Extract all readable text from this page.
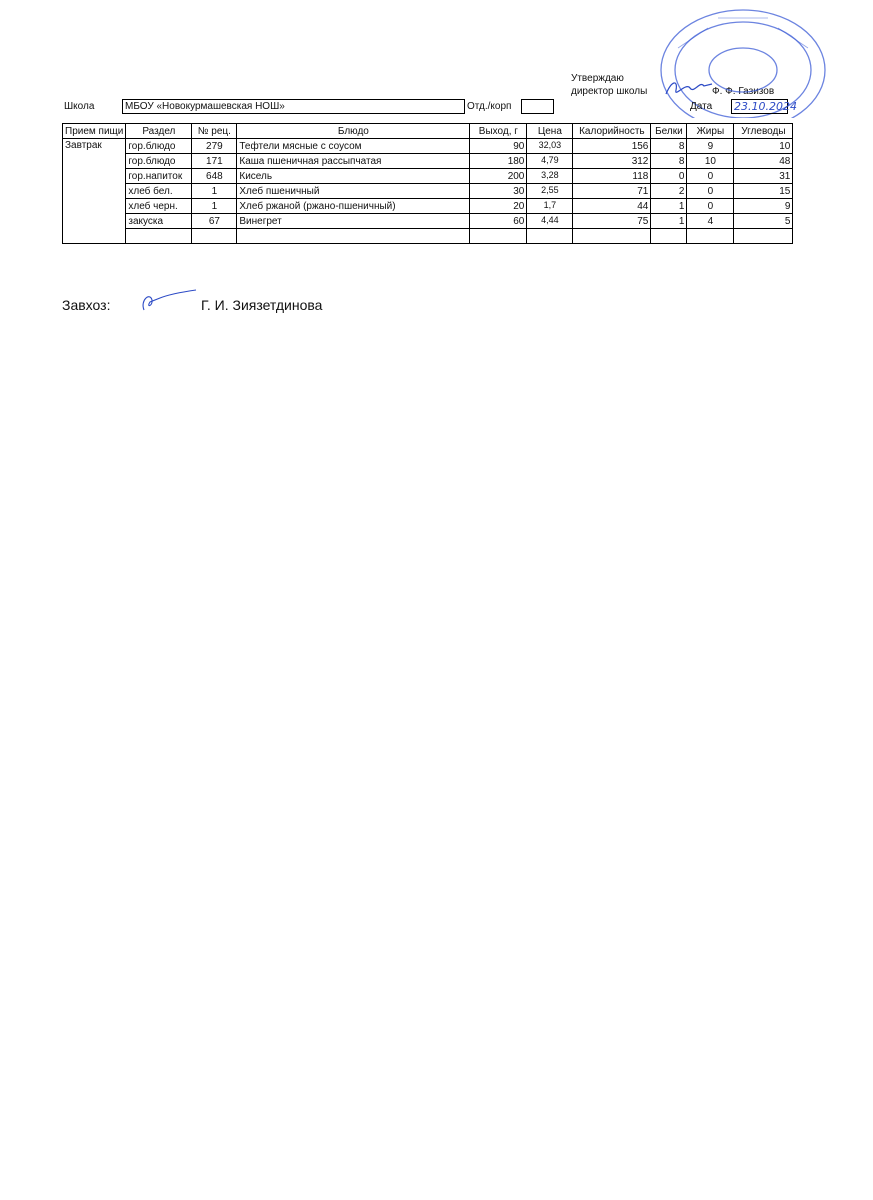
Утверждаю
директор школы	Ф. Ф. Газизов
Школа	МБОУ «Новокурмашевская НОШ»	Отд./корп	Дата 23.10.2024
Прием пищи	Раздел	№ рец.	Блюдо	Выход, г	Цена	Калорийность	Белки	Жиры	Углеводы
Завтрак	гор.блюдо	279	Тефтели мясные с соусом	90	32,03	156	8	9	10
	гор.блюдо	171	Каша пшеничная рассыпчатая	180	4,79	312	8	10	48
	гор.напиток	648	Кисель	200	3,28	118	0	0	31
	хлеб бел.	1	Хлеб пшеничный	30	2,55	71	2	0	15
	хлеб черн.	1	Хлеб ржаной (ржано-пшеничный)	20	1,7	44	1	0	9
	закуска	67	Винегрет	60	4,44	75	1	4	5

Завхоз:	Г. И. Зиязетдинова
